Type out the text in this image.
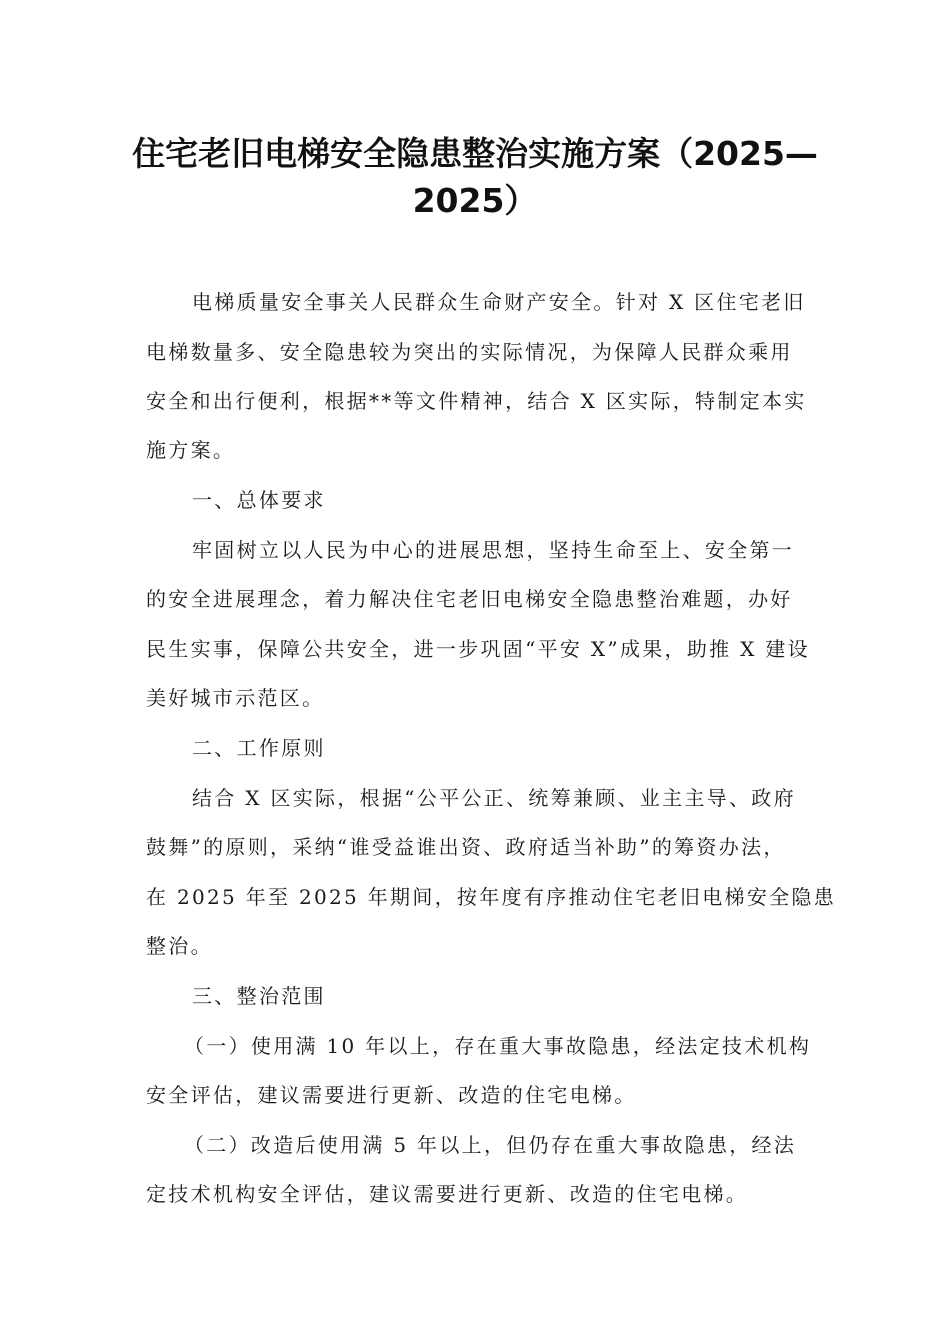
住宅老旧电梯安全隐患整治实施方案（2025—
2025）
电梯质量安全事关人民群众生命财产安全。针对 X 区住宅老旧
电梯数量多、安全隐患较为突出的实际情况，为保障人民群众乘用
安全和出行便利，根据**等文件精神，结合 X 区实际，特制定本实
施方案。
一、总体要求
牢固树立以人民为中心的进展思想，坚持生命至上、安全第一
的安全进展理念，着力解决住宅老旧电梯安全隐患整治难题，办好
民生实事，保障公共安全，进一步巩固“平安 X”成果，助推 X 建设
美好城市示范区。
二、工作原则
结合 X 区实际，根据“公平公正、统筹兼顾、业主主导、政府
鼓舞”的原则，采纳“谁受益谁出资、政府适当补助”的筹资办法，
在 2025 年至 2025 年期间，按年度有序推动住宅老旧电梯安全隐患
整治。
三、整治范围
（一）使用满 10 年以上，存在重大事故隐患，经法定技术机构
安全评估，建议需要进行更新、改造的住宅电梯。
（二）改造后使用满 5 年以上，但仍存在重大事故隐患，经法
定技术机构安全评估，建议需要进行更新、改造的住宅电梯。
